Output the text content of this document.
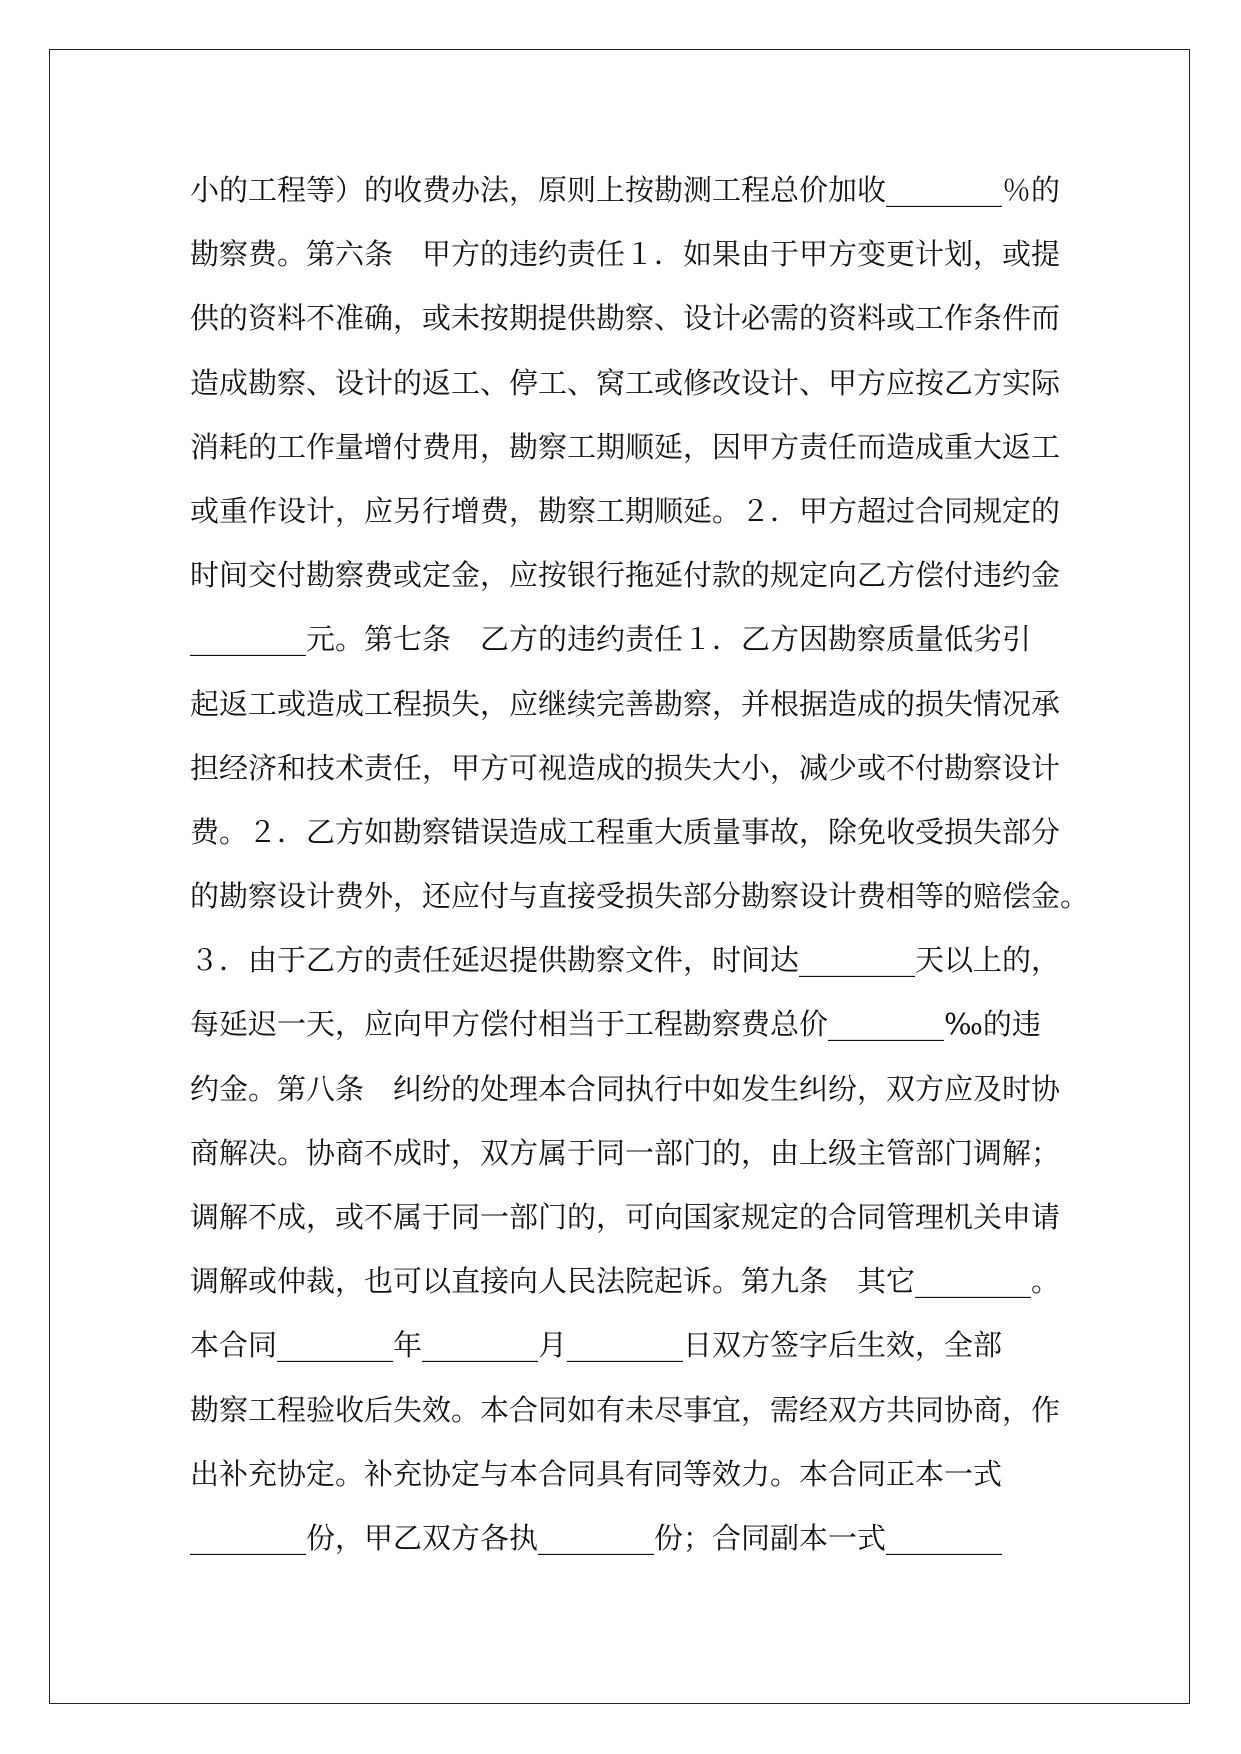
小的工程等）的收费办法，原则上按勘测工程总价加收________％的
勘察费。第六条　甲方的违约责任１．如果由于甲方变更计划，或提
供的资料不准确，或未按期提供勘察、设计必需的资料或工作条件而
造成勘察、设计的返工、停工、窝工或修改设计、甲方应按乙方实际
消耗的工作量增付费用，勘察工期顺延，因甲方责任而造成重大返工
或重作设计，应另行增费，勘察工期顺延。２．甲方超过合同规定的
时间交付勘察费或定金，应按银行拖延付款的规定向乙方偿付违约金
________元。第七条　乙方的违约责任１．乙方因勘察质量低劣引
起返工或造成工程损失，应继续完善勘察，并根据造成的损失情况承
担经济和技术责任，甲方可视造成的损失大小，减少或不付勘察设计
费。２．乙方如勘察错误造成工程重大质量事故，除免收受损失部分
的勘察设计费外，还应付与直接受损失部分勘察设计费相等的赔偿金。
３．由于乙方的责任延迟提供勘察文件，时间达________天以上的，
每延迟一天，应向甲方偿付相当于工程勘察费总价________‰的违
约金。第八条　纠纷的处理本合同执行中如发生纠纷，双方应及时协
商解决。协商不成时，双方属于同一部门的，由上级主管部门调解；
调解不成，或不属于同一部门的，可向国家规定的合同管理机关申请
调解或仲裁，也可以直接向人民法院起诉。第九条　其它________。
本合同________年________月________日双方签字后生效，全部
勘察工程验收后失效。本合同如有未尽事宜，需经双方共同协商，作
出补充协定。补充协定与本合同具有同等效力。本合同正本一式
________份，甲乙双方各执________份；合同副本一式________
